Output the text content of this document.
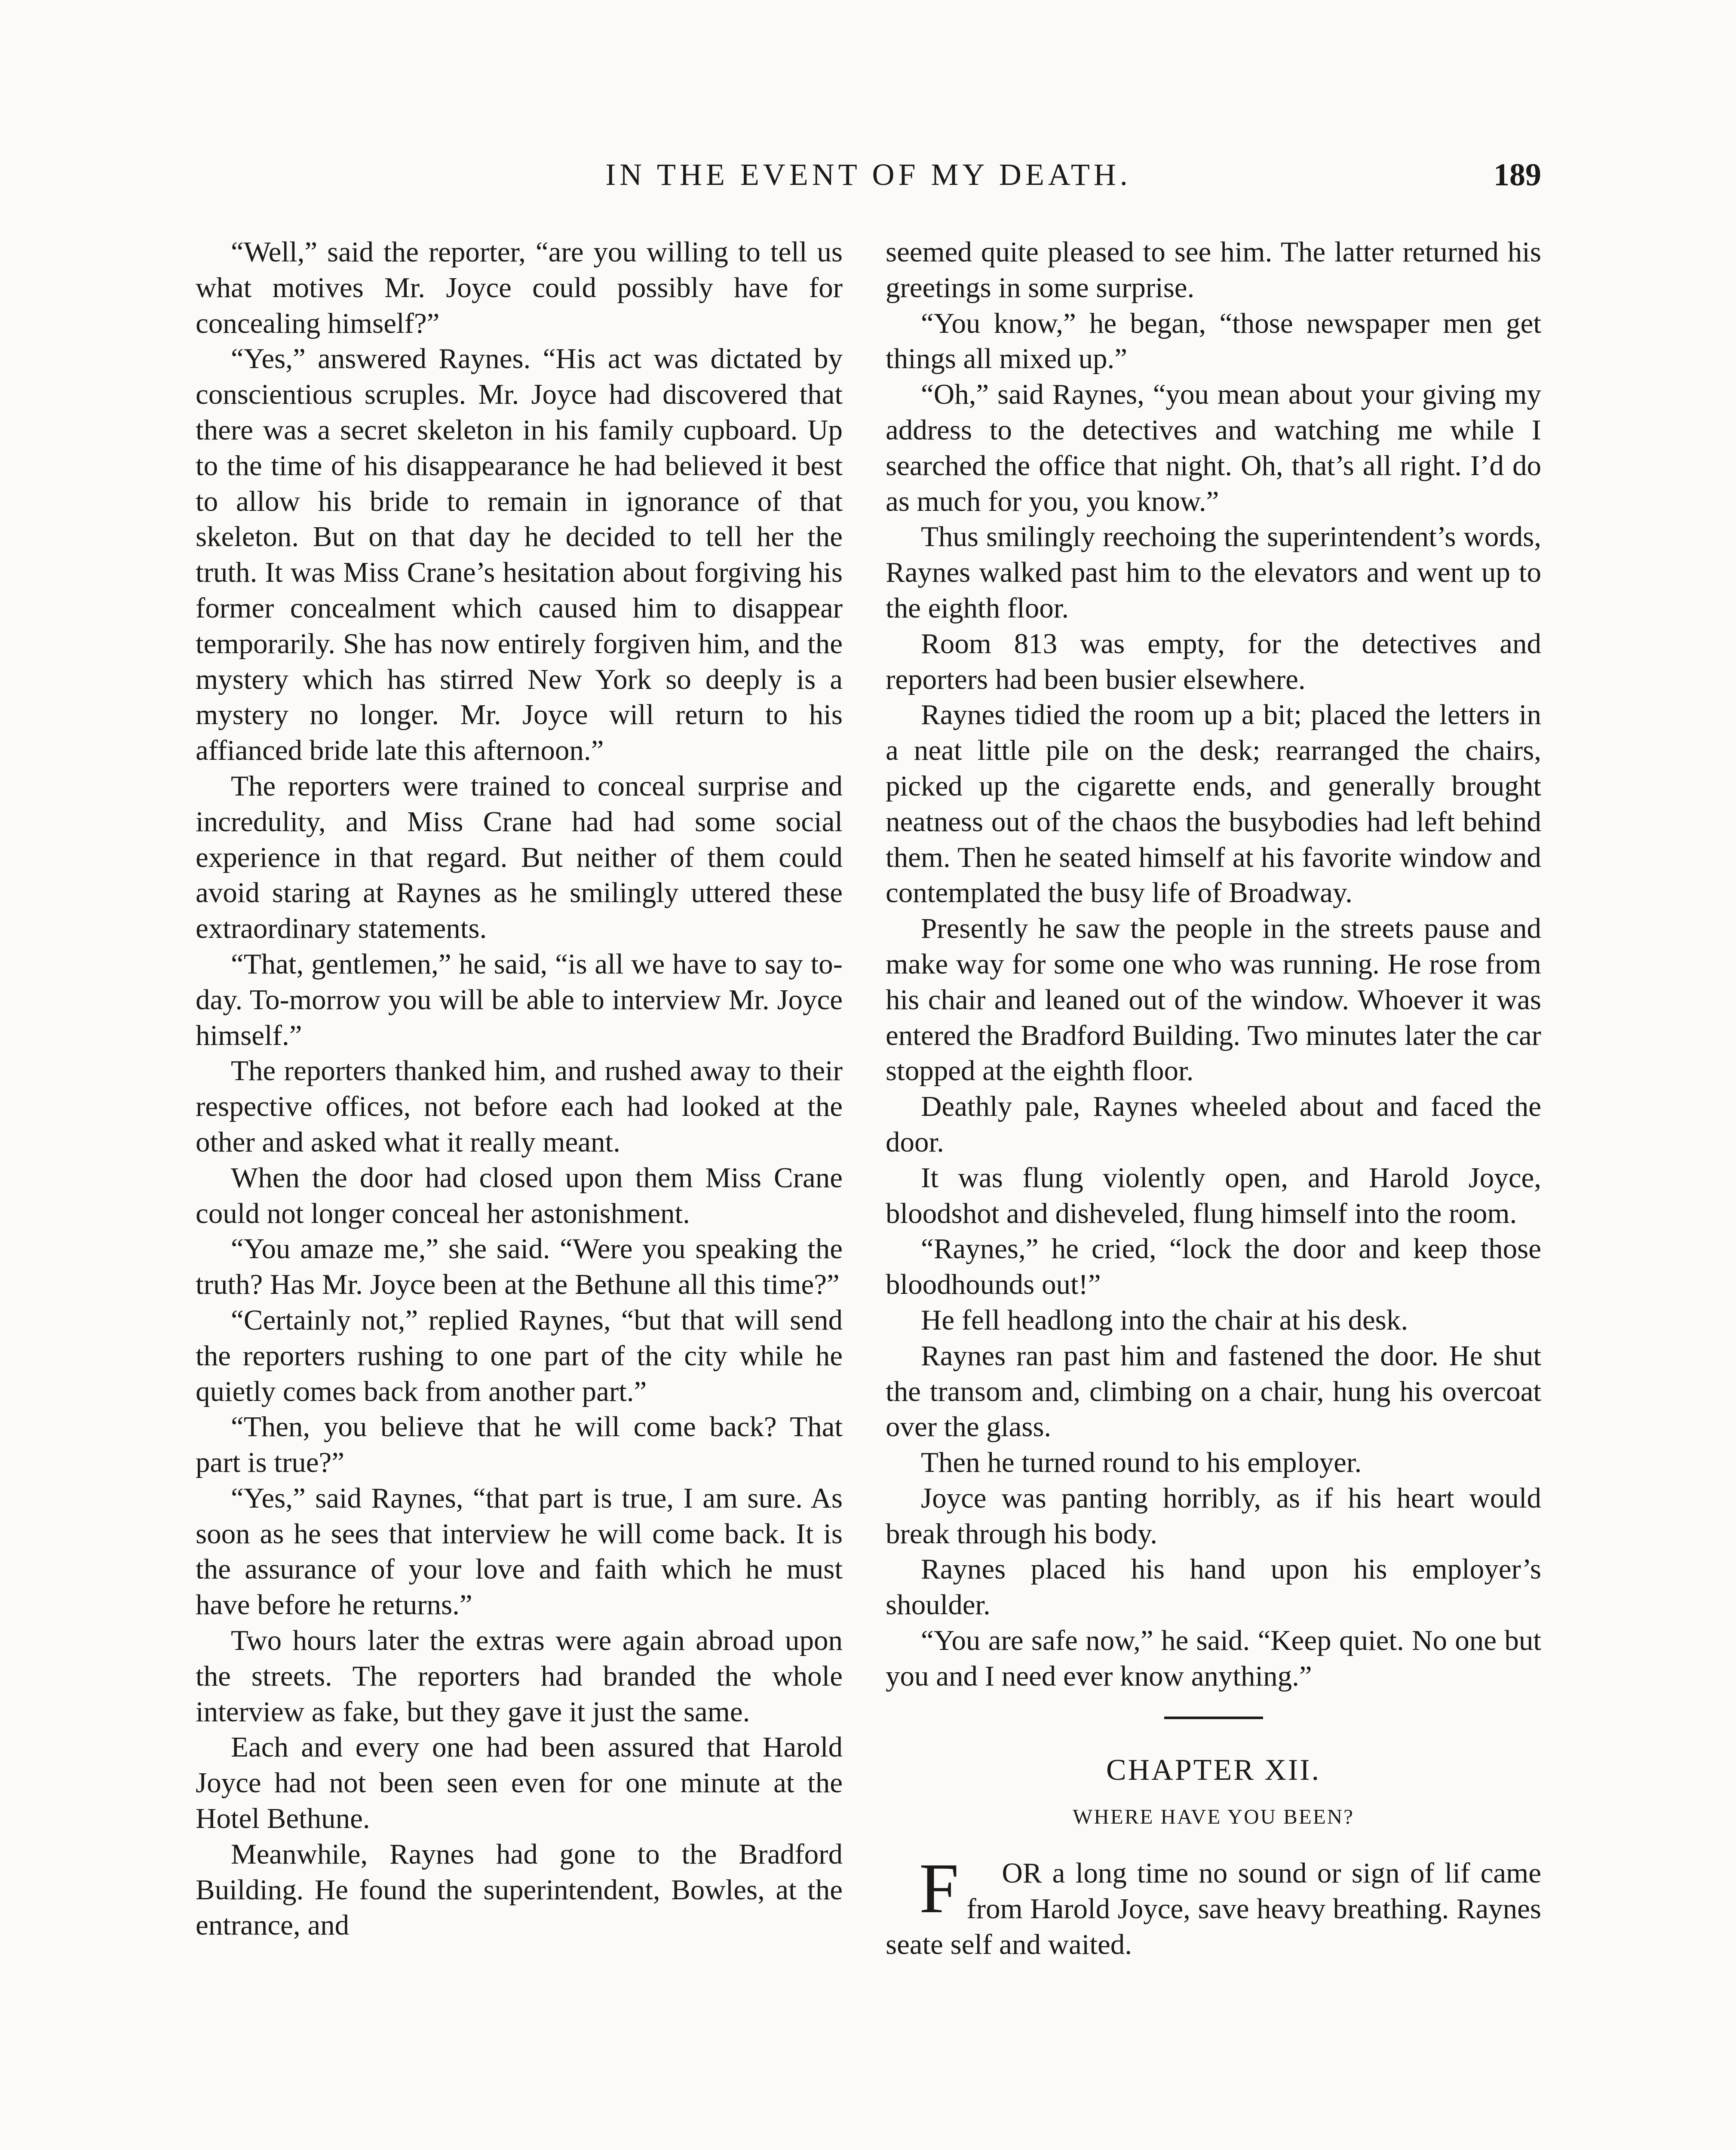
IN THE EVENT OF MY DEATH.	189

“Well,” said the reporter, “are you willing to tell us what motives Mr. Joyce could possibly have for concealing himself?”

“Yes,” answered Raynes. “His act was dictated by conscientious scruples. Mr. Joyce had discovered that there was a secret skeleton in his family cupboard. Up to the time of his disappearance he had believed it best to allow his bride to remain in ignorance of that skeleton. But on that day he decided to tell her the truth. It was Miss Crane’s hesitation about forgiving his former concealment which caused him to disappear temporarily. She has now entirely forgiven him, and the mystery which has stirred New York so deeply is a mystery no longer. Mr. Joyce will return to his affianced bride late this afternoon.”

The reporters were trained to conceal surprise and incredulity, and Miss Crane had had some social experience in that regard. But neither of them could avoid staring at Raynes as he smilingly uttered these extraordinary statements.

“That, gentlemen,” he said, “is all we have to say to-day. To-morrow you will be able to interview Mr. Joyce himself.”

The reporters thanked him, and rushed away to their respective offices, not before each had looked at the other and asked what it really meant.

When the door had closed upon them Miss Crane could not longer conceal her astonishment.

“You amaze me,” she said. “Were you speaking the truth? Has Mr. Joyce been at the Bethune all this time?”

“Certainly not,” replied Raynes, “but that will send the reporters rushing to one part of the city while he quietly comes back from another part.”

“Then, you believe that he will come back? That part is true?”

“Yes,” said Raynes, “that part is true, I am sure. As soon as he sees that interview he will come back. It is the assurance of your love and faith which he must have before he returns.”

Two hours later the extras were again abroad upon the streets. The reporters had branded the whole interview as fake, but they gave it just the same.

Each and every one had been assured that Harold Joyce had not been seen even for one minute at the Hotel Bethune.

Meanwhile, Raynes had gone to the Bradford Building. He found the superintendent, Bowles, at the entrance, and

seemed quite pleased to see him. The latter returned his greetings in some surprise.

“You know,” he began, “those newspaper men get things all mixed up.”

“Oh,” said Raynes, “you mean about your giving my address to the detectives and watching me while I searched the office that night. Oh, that’s all right. I’d do as much for you, you know.”

Thus smilingly reechoing the superintendent’s words, Raynes walked past him to the elevators and went up to the eighth floor.

Room 813 was empty, for the detectives and reporters had been busier elsewhere.

Raynes tidied the room up a bit; placed the letters in a neat little pile on the desk; rearranged the chairs, picked up the cigarette ends, and generally brought neatness out of the chaos the busybodies had left behind them. Then he seated himself at his favorite window and contemplated the busy life of Broadway.

Presently he saw the people in the streets pause and make way for some one who was running. He rose from his chair and leaned out of the window. Whoever it was entered the Bradford Building. Two minutes later the car stopped at the eighth floor.

Deathly pale, Raynes wheeled about and faced the door.

It was flung violently open, and Harold Joyce, bloodshot and disheveled, flung himself into the room.

“Raynes,” he cried, “lock the door and keep those bloodhounds out!”

He fell headlong into the chair at his desk.

Raynes ran past him and fastened the door. He shut the transom and, climbing on a chair, hung his overcoat over the glass.

Then he turned round to his employer.

Joyce was panting horribly, as if his heart would break through his body.

Raynes placed his hand upon his employer’s shoulder.

“You are safe now,” he said. “Keep quiet. No one but you and I need ever know anything.”

CHAPTER XII.
WHERE HAVE YOU BEEN?

F OR a long time no sound or sign of lif came from Harold Joyce, save heavy breathing. Raynes seate self and waited.
